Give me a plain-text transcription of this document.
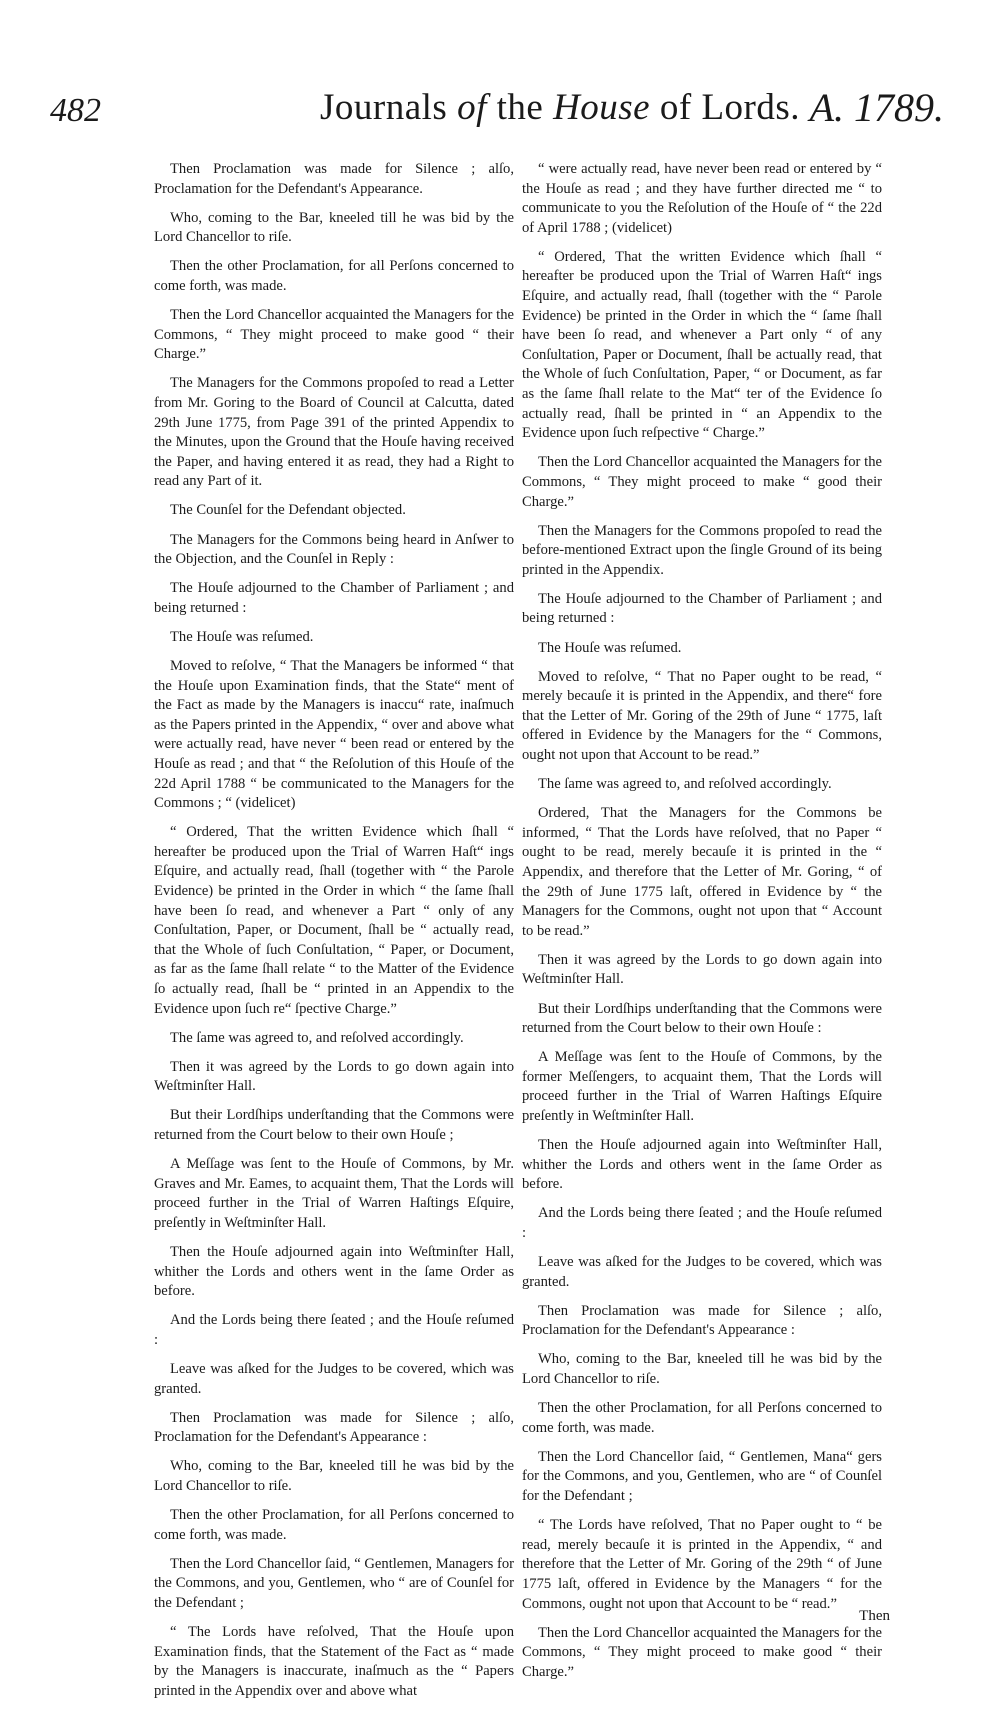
482	Journals of the House of Lords. A. 1789.

Then Proclamation was made for Silence ; alſo, Proclamation for the Defendant's Appearance.

Who, coming to the Bar, kneeled till he was bid by the Lord Chancellor to riſe.

Then the other Proclamation, for all Perſons concerned to come forth, was made.

Then the Lord Chancellor acquainted the Managers for the Commons, “ They might proceed to make good “ their Charge.”

The Managers for the Commons propoſed to read a Letter from Mr. Goring to the Board of Council at Calcutta, dated 29th June 1775, from Page 391 of the printed Appendix to the Minutes, upon the Ground that the Houſe having received the Paper, and having entered it as read, they had a Right to read any Part of it.

The Counſel for the Defendant objected.

The Managers for the Commons being heard in Anſwer to the Objection, and the Counſel in Reply :

The Houſe adjourned to the Chamber of Parliament ; and being returned :

The Houſe was reſumed.

Moved to reſolve, “ That the Managers be informed “ that the Houſe upon Examination finds, that the State“ ment of the Fact as made by the Managers is inaccu“ rate, inaſmuch as the Papers printed in the Appendix, “ over and above what were actually read, have never “ been read or entered by the Houſe as read ; and that “ the Reſolution of this Houſe of the 22d April 1788 “ be communicated to the Managers for the Commons ; “ (videlicet)

“ Ordered, That the written Evidence which ſhall “ hereafter be produced upon the Trial of Warren Haſt“ ings Eſquire, and actually read, ſhall (together with “ the Parole Evidence) be printed in the Order in which “ the ſame ſhall have been ſo read, and whenever a Part “ only of any Conſultation, Paper, or Document, ſhall be “ actually read, that the Whole of ſuch Conſultation, “ Paper, or Document, as far as the ſame ſhall relate “ to the Matter of the Evidence ſo actually read, ſhall be “ printed in an Appendix to the Evidence upon ſuch re“ ſpective Charge.”

The ſame was agreed to, and reſolved accordingly.

Then it was agreed by the Lords to go down again into Weſtminſter Hall.

But their Lordſhips underſtanding that the Commons were returned from the Court below to their own Houſe ;

A Meſſage was ſent to the Houſe of Commons, by Mr. Graves and Mr. Eames, to acquaint them, That the Lords will proceed further in the Trial of Warren Haſtings Eſquire, preſently in Weſtminſter Hall.

Then the Houſe adjourned again into Weſtminſter Hall, whither the Lords and others went in the ſame Order as before.

And the Lords being there ſeated ; and the Houſe reſumed :

Leave was aſked for the Judges to be covered, which was granted.

Then Proclamation was made for Silence ; alſo, Proclamation for the Defendant's Appearance :

Who, coming to the Bar, kneeled till he was bid by the Lord Chancellor to riſe.

Then the other Proclamation, for all Perſons concerned to come forth, was made.

Then the Lord Chancellor ſaid, “ Gentlemen, Managers for the Commons, and you, Gentlemen, who “ are of Counſel for the Defendant ;

“ The Lords have reſolved, That the Houſe upon Examination finds, that the Statement of the Fact as “ made by the Managers is inaccurate, inaſmuch as the “ Papers printed in the Appendix over and above what

“ were actually read, have never been read or entered by “ the Houſe as read ; and they have further directed me “ to communicate to you the Reſolution of the Houſe of “ the 22d of April 1788 ; (videlicet)

“ Ordered, That the written Evidence which ſhall “ hereafter be produced upon the Trial of Warren Haſt“ ings Eſquire, and actually read, ſhall (together with the “ Parole Evidence) be printed in the Order in which the “ ſame ſhall have been ſo read, and whenever a Part only “ of any Conſultation, Paper or Document, ſhall be actually read, that the Whole of ſuch Conſultation, Paper, “ or Document, as far as the ſame ſhall relate to the Mat“ ter of the Evidence ſo actually read, ſhall be printed in “ an Appendix to the Evidence upon ſuch reſpective “ Charge.”

Then the Lord Chancellor acquainted the Managers for the Commons, “ They might proceed to make “ good their Charge.”

Then the Managers for the Commons propoſed to read the before-mentioned Extract upon the ſingle Ground of its being printed in the Appendix.

The Houſe adjourned to the Chamber of Parliament ; and being returned :

The Houſe was reſumed.

Moved to reſolve, “ That no Paper ought to be read, “ merely becauſe it is printed in the Appendix, and there“ fore that the Letter of Mr. Goring of the 29th of June “ 1775, laſt offered in Evidence by the Managers for the “ Commons, ought not upon that Account to be read.”

The ſame was agreed to, and reſolved accordingly.

Ordered, That the Managers for the Commons be informed, “ That the Lords have reſolved, that no Paper “ ought to be read, merely becauſe it is printed in the “ Appendix, and therefore that the Letter of Mr. Goring, “ of the 29th of June 1775 laſt, offered in Evidence by “ the Managers for the Commons, ought not upon that “ Account to be read.”

Then it was agreed by the Lords to go down again into Weſtminſter Hall.

But their Lordſhips underſtanding that the Commons were returned from the Court below to their own Houſe :

A Meſſage was ſent to the Houſe of Commons, by the former Meſſengers, to acquaint them, That the Lords will proceed further in the Trial of Warren Haſtings Eſquire preſently in Weſtminſter Hall.

Then the Houſe adjourned again into Weſtminſter Hall, whither the Lords and others went in the ſame Order as before.

And the Lords being there ſeated ; and the Houſe reſumed :

Leave was aſked for the Judges to be covered, which was granted.

Then Proclamation was made for Silence ; alſo, Proclamation for the Defendant's Appearance :

Who, coming to the Bar, kneeled till he was bid by the Lord Chancellor to riſe.

Then the other Proclamation, for all Perſons concerned to come forth, was made.

Then the Lord Chancellor ſaid, “ Gentlemen, Mana“ gers for the Commons, and you, Gentlemen, who are “ of Counſel for the Defendant ;

“ The Lords have reſolved, That no Paper ought to “ be read, merely becauſe it is printed in the Appendix, “ and therefore that the Letter of Mr. Goring of the 29th “ of June 1775 laſt, offered in Evidence by the Managers “ for the Commons, ought not upon that Account to be “ read.”

Then the Lord Chancellor acquainted the Managers for the Commons, “ They might proceed to make good “ their Charge.”

Then
